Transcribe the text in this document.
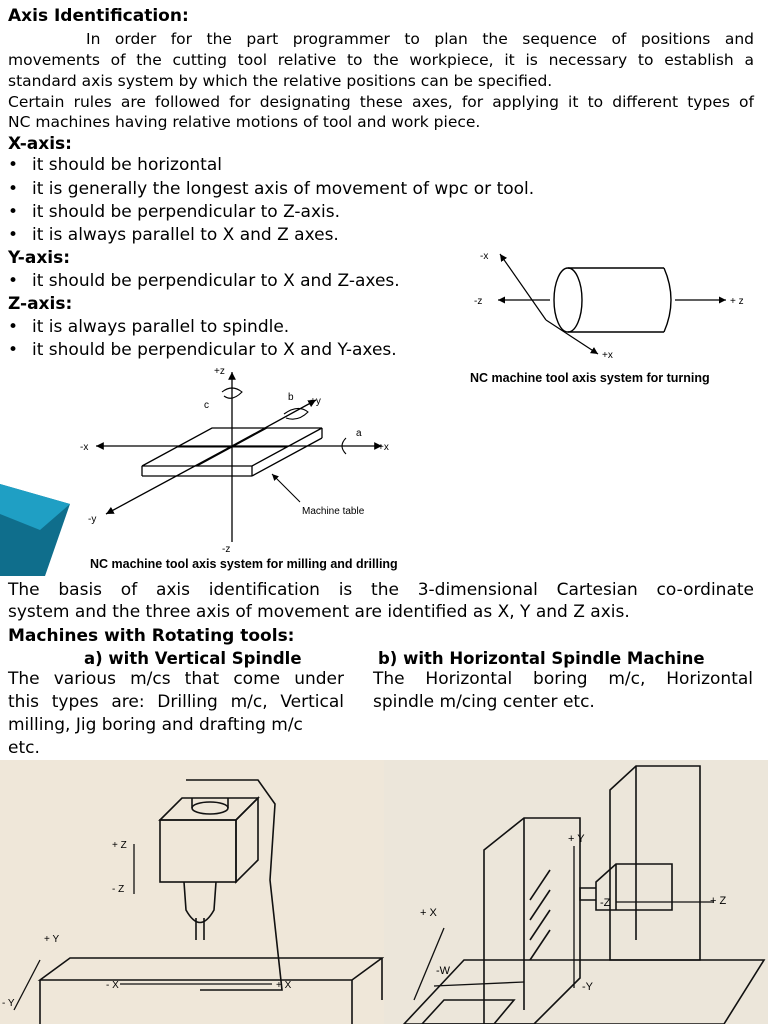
Axis Identification:
In order for the part programmer to plan the sequence of positions and
movements of the cutting tool relative to the workpiece, it is necessary to establish a
standard axis system by which the relative positions can be specified.
Certain rules are followed for designating these axes, for applying it to different types of
NC machines having relative motions of tool and work piece.
X-axis:
• it should be horizontal
• it is generally the longest axis of movement of wpc or tool.
• it should be perpendicular to Z-axis.
• it is always parallel to X and Z axes.
Y-axis:
• it should be perpendicular to X and Z-axes.
Z-axis:
• it is always parallel to spindle.
• it should be perpendicular to X and Y-axes.
-x
-z	+ z
+x
NC machine tool axis system for turning
+z
-z
-x	+x
+y
-y
a
b
c
Machine table
NC machine tool axis system for milling and drilling
The basis of axis identification is the 3-dimensional Cartesian co-ordinate
system and the three axis of movement are identified as X, Y and Z axis.
Machines with Rotating tools:
a) with Vertical Spindle	b) with Horizontal Spindle Machine
The various m/cs that come under
this types are: Drilling m/c, Vertical
milling, Jig boring and drafting m/c
etc.
The Horizontal boring m/c, Horizontal
spindle m/cing center etc.
+ Z
- Z
+ Y
- Y
- X	+ X
+ Y
+ X
-Z	+ Z
-W
-Y
